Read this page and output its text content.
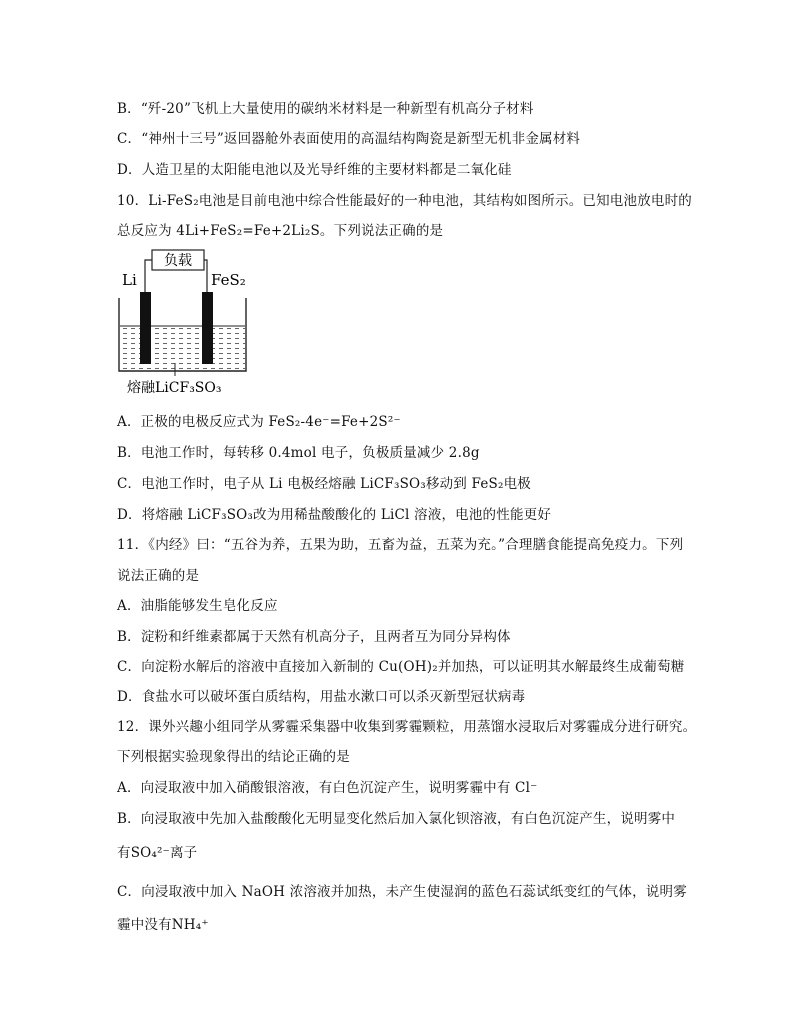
B．“歼-20”飞机上大量使用的碳纳米材料是一种新型有机高分子材料
C．“神州十三号”返回器舱外表面使用的高温结构陶瓷是新型无机非金属材料
D．人造卫星的太阳能电池以及光导纤维的主要材料都是二氧化硅
10．Li-FeS₂电池是目前电池中综合性能最好的一种电池，其结构如图所示。已知电池放电时的
总反应为 4Li+FeS₂=Fe+2Li₂S。下列说法正确的是
负载
Li	FeS₂
熔融LiCF₃SO₃
A．正极的电极反应式为 FeS₂-4e⁻=Fe+2S²⁻
B．电池工作时，每转移 0.4mol 电子，负极质量减少 2.8g
C．电池工作时，电子从 Li 电极经熔融 LiCF₃SO₃移动到 FeS₂电极
D．将熔融 LiCF₃SO₃改为用稀盐酸酸化的 LiCl 溶液，电池的性能更好
11．《内经》曰：“五谷为养，五果为助，五畜为益，五菜为充。”合理膳食能提高免疫力。下列
说法正确的是
A．油脂能够发生皂化反应
B．淀粉和纤维素都属于天然有机高分子，且两者互为同分异构体
C．向淀粉水解后的溶液中直接加入新制的 Cu(OH)₂并加热，可以证明其水解最终生成葡萄糖
D．食盐水可以破坏蛋白质结构，用盐水漱口可以杀灭新型冠状病毒
12．课外兴趣小组同学从雾霾采集器中收集到雾霾颗粒，用蒸馏水浸取后对雾霾成分进行研究。
下列根据实验现象得出的结论正确的是
A．向浸取液中加入硝酸银溶液，有白色沉淀产生，说明雾霾中有 Cl⁻
B．向浸取液中先加入盐酸酸化无明显变化然后加入氯化钡溶液，有白色沉淀产生，说明雾中
有SO₄²⁻离子
C．向浸取液中加入 NaOH 浓溶液并加热，未产生使湿润的蓝色石蕊试纸变红的气体，说明雾
霾中没有NH₄⁺
